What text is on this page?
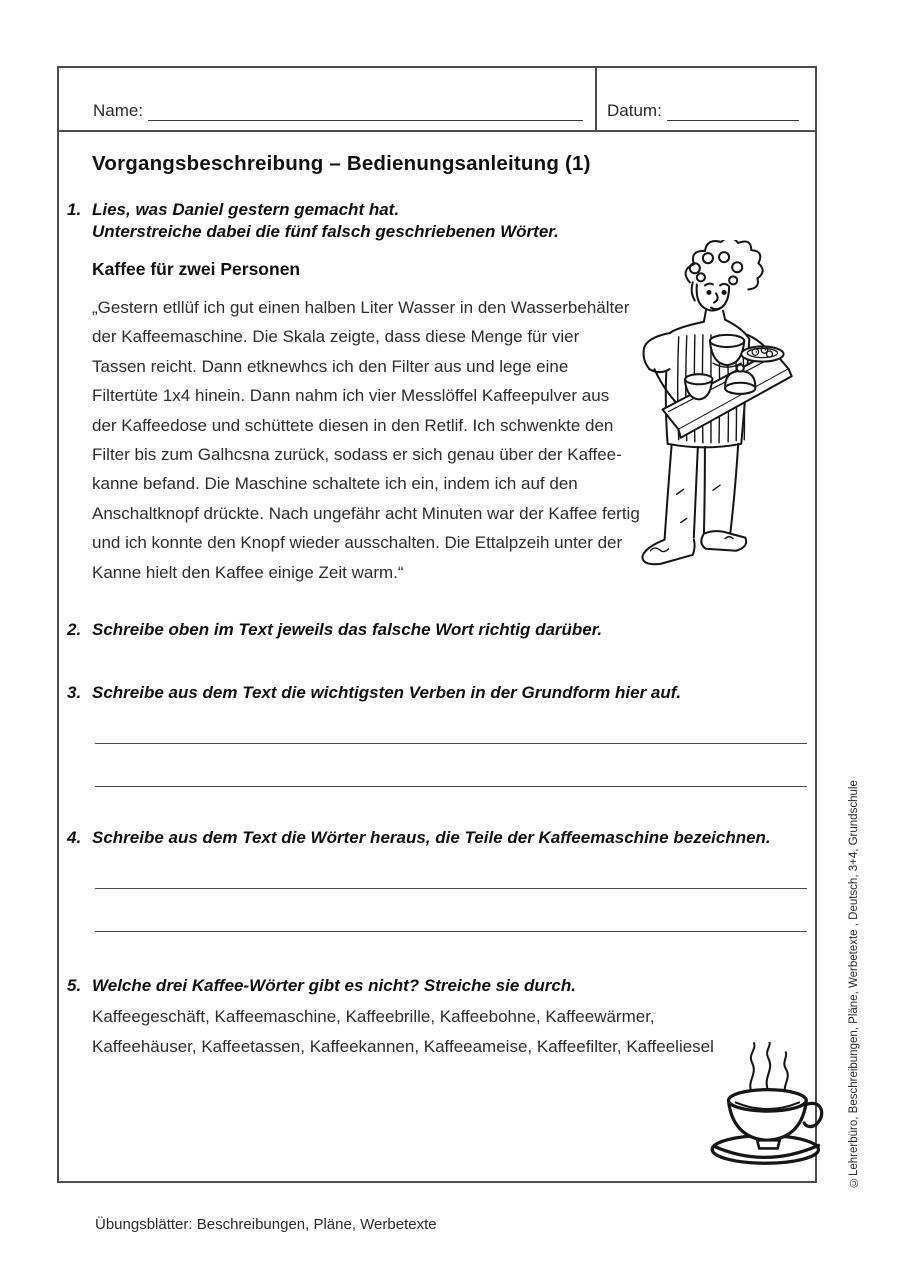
Name:	Datum:
Vorgangsbeschreibung – Bedienungsanleitung (1)
1. Lies, was Daniel gestern gemacht hat.
Unterstreiche dabei die fünf falsch geschriebenen Wörter.
Kaffee für zwei Personen
„Gestern etllüf ich gut einen halben Liter Wasser in den Wasserbehälter
der Kaffeemaschine. Die Skala zeigte, dass diese Menge für vier
Tassen reicht. Dann etknewhcs ich den Filter aus und lege eine
Filtertüte 1x4 hinein. Dann nahm ich vier Messlöffel Kaffeepulver aus
der Kaffeedose und schüttete diesen in den Retlif. Ich schwenkte den
Filter bis zum Galhcsna zurück, sodass er sich genau über der Kaffee-
kanne befand. Die Maschine schaltete ich ein, indem ich auf den
Anschaltknopf drückte. Nach ungefähr acht Minuten war der Kaffee fertig
und ich konnte den Knopf wieder ausschalten. Die Ettalpzeih unter der
Kanne hielt den Kaffee einige Zeit warm.“
2. Schreibe oben im Text jeweils das falsche Wort richtig darüber.
3. Schreibe aus dem Text die wichtigsten Verben in der Grundform hier auf.
4. Schreibe aus dem Text die Wörter heraus, die Teile der Kaffeemaschine bezeichnen.
5. Welche drei Kaffee-Wörter gibt es nicht? Streiche sie durch.
Kaffeegeschäft, Kaffeemaschine, Kaffeebrille, Kaffeebohne, Kaffeewärmer,
Kaffeehäuser, Kaffeetassen, Kaffeekannen, Kaffeeameise, Kaffeefilter, Kaffeeliesel
Übungsblätter: Beschreibungen, Pläne, Werbetexte
©Lehrerbüro, Beschreibungen, Pläne, Werbetexte , Deutsch, 3+4, Grundschule
